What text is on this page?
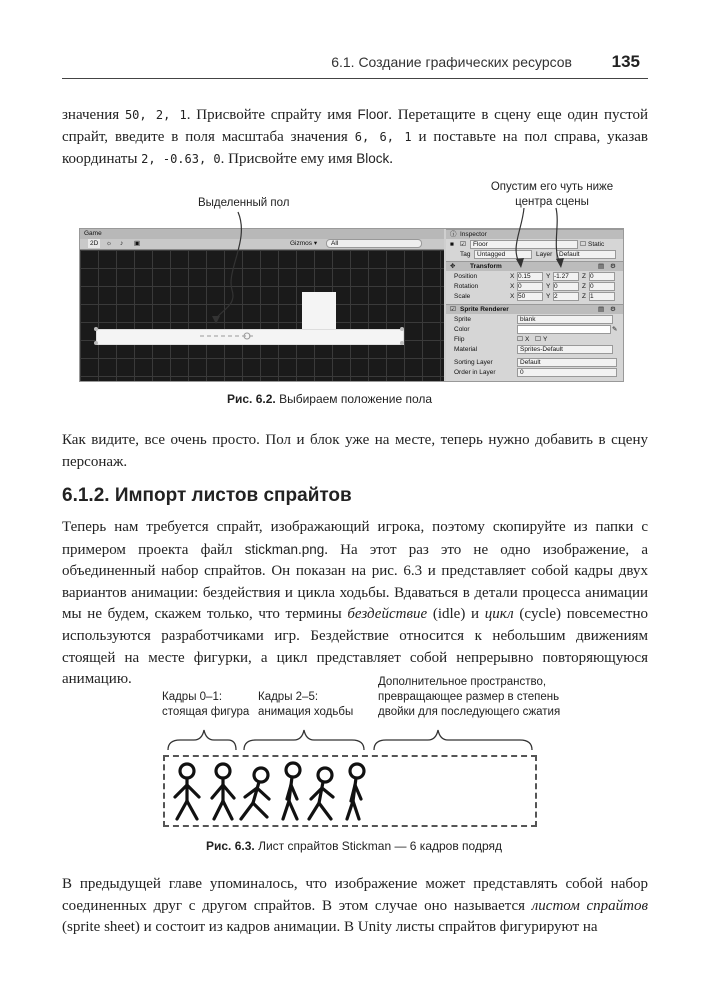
6.1. Создание графических ресурсов 135

значения 50, 2, 1. Присвойте спрайту имя Floor. Перетащите в сцену еще один пустой спрайт, введите в поля масштаба значения 6, 6, 1 и поставьте на пол справа, указав координаты 2, -0.63, 0. Присвойте ему имя Block.

Выделенный пол
Опустим его чуть ниже
центра сцены
Game
2D	☼ ♪ ▣	Gizmos ▾	All
ⓘ Inspector
■ ☑	Floor	☐ Static
Tag	Untagged	Layer	Default
✥ Transform	▤ ⚙
Position	X 0.15	Y -1.27	Z 0
Rotation	X 0	Y 0	Z 0
Scale	X 50	Y 2	Z 1
☑ Sprite Renderer	▤ ⚙
Sprite	blank
Color	✎
Flip	☐ X ☐ Y
Material	Sprites-Default
Sorting Layer	Default
Order in Layer	0
Рис. 6.2. Выбираем положение пола

Как видите, все очень просто. Пол и блок уже на месте, теперь нужно добавить в сцену персонаж.

6.1.2. Импорт листов спрайтов

Теперь нам требуется спрайт, изображающий игрока, поэтому скопируйте из папки с примером проекта файл stickman.png. На этот раз это не одно изображение, а объединенный набор спрайтов. Он показан на рис. 6.3 и представляет собой кадры двух вариантов анимации: бездействия и цикла ходьбы. Вдаваться в детали процесса анимации мы не будем, скажем только, что термины бездействие (idle) и цикл (cycle) повсеместно используются разработчиками игр. Бездействие относится к небольшим движениям стоящей на месте фигурки, а цикл представляет собой непрерывно повторяющуюся анимацию.

Кадры 0–1:
стоящая фигура
Кадры 2–5:
анимация ходьбы
Дополнительное пространство,
превращающее размер в степень
двойки для последующего сжатия
Рис. 6.3. Лист спрайтов Stickman — 6 кадров подряд

В предыдущей главе упоминалось, что изображение может представлять собой набор соединенных друг с другом спрайтов. В этом случае оно называется листом спрайтов (sprite sheet) и состоит из кадров анимации. В Unity листы спрайтов фигурируют на
